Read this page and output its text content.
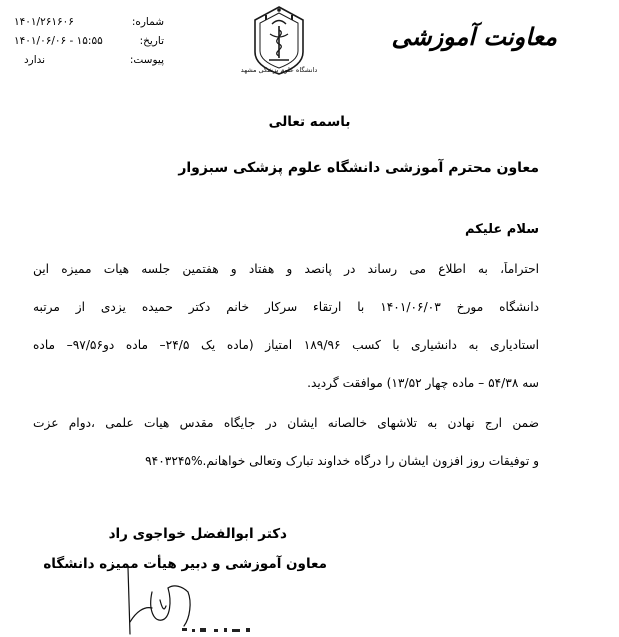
۱۴۰۱/۲۶۱۶۰۶	شماره:
۱۴۰۱/۰۶/۰۶ - ۱۵:۵۵	تاریخ:
ندارد	پیوست:
دانشگاه علوم پزشکی مشهد
معاونت آموزشی
باسمه تعالی
معاون محترم آموزشی دانشگاه علوم پزشکی سبزوار
سلام علیکم
احتراماً، به اطلاع می رساند در پانصد و هفتاد و هفتمین جلسه هیات ممیزه این
دانشگاه مورخ ۱۴۰۱/۰۶/۰۳ با ارتقاء سرکار خانم دکتر حمیده یزدی از مرتبه
استادیاری به دانشیاری با کسب ۱۸۹/۹۶ امتیاز (ماده یک ۲۴/۵– ماده دو۹۷/۵۶– ماده
سه ۵۴/۳۸ – ماده چهار ۱۳/۵۲) موافقت گردید.
ضمن ارج نهادن به تلاشهای خالصانه ایشان در جایگاه مقدس هیات علمی ،دوام عزت
و توفیقات روز افزون ایشان را درگاه خداوند تبارک وتعالی خواهانم.%۹۴۰۳۲۴۵
دکتر ابوالفضل خواجوی راد
معاون آموزشی و دبیر هیأت ممیزه دانشگاه
